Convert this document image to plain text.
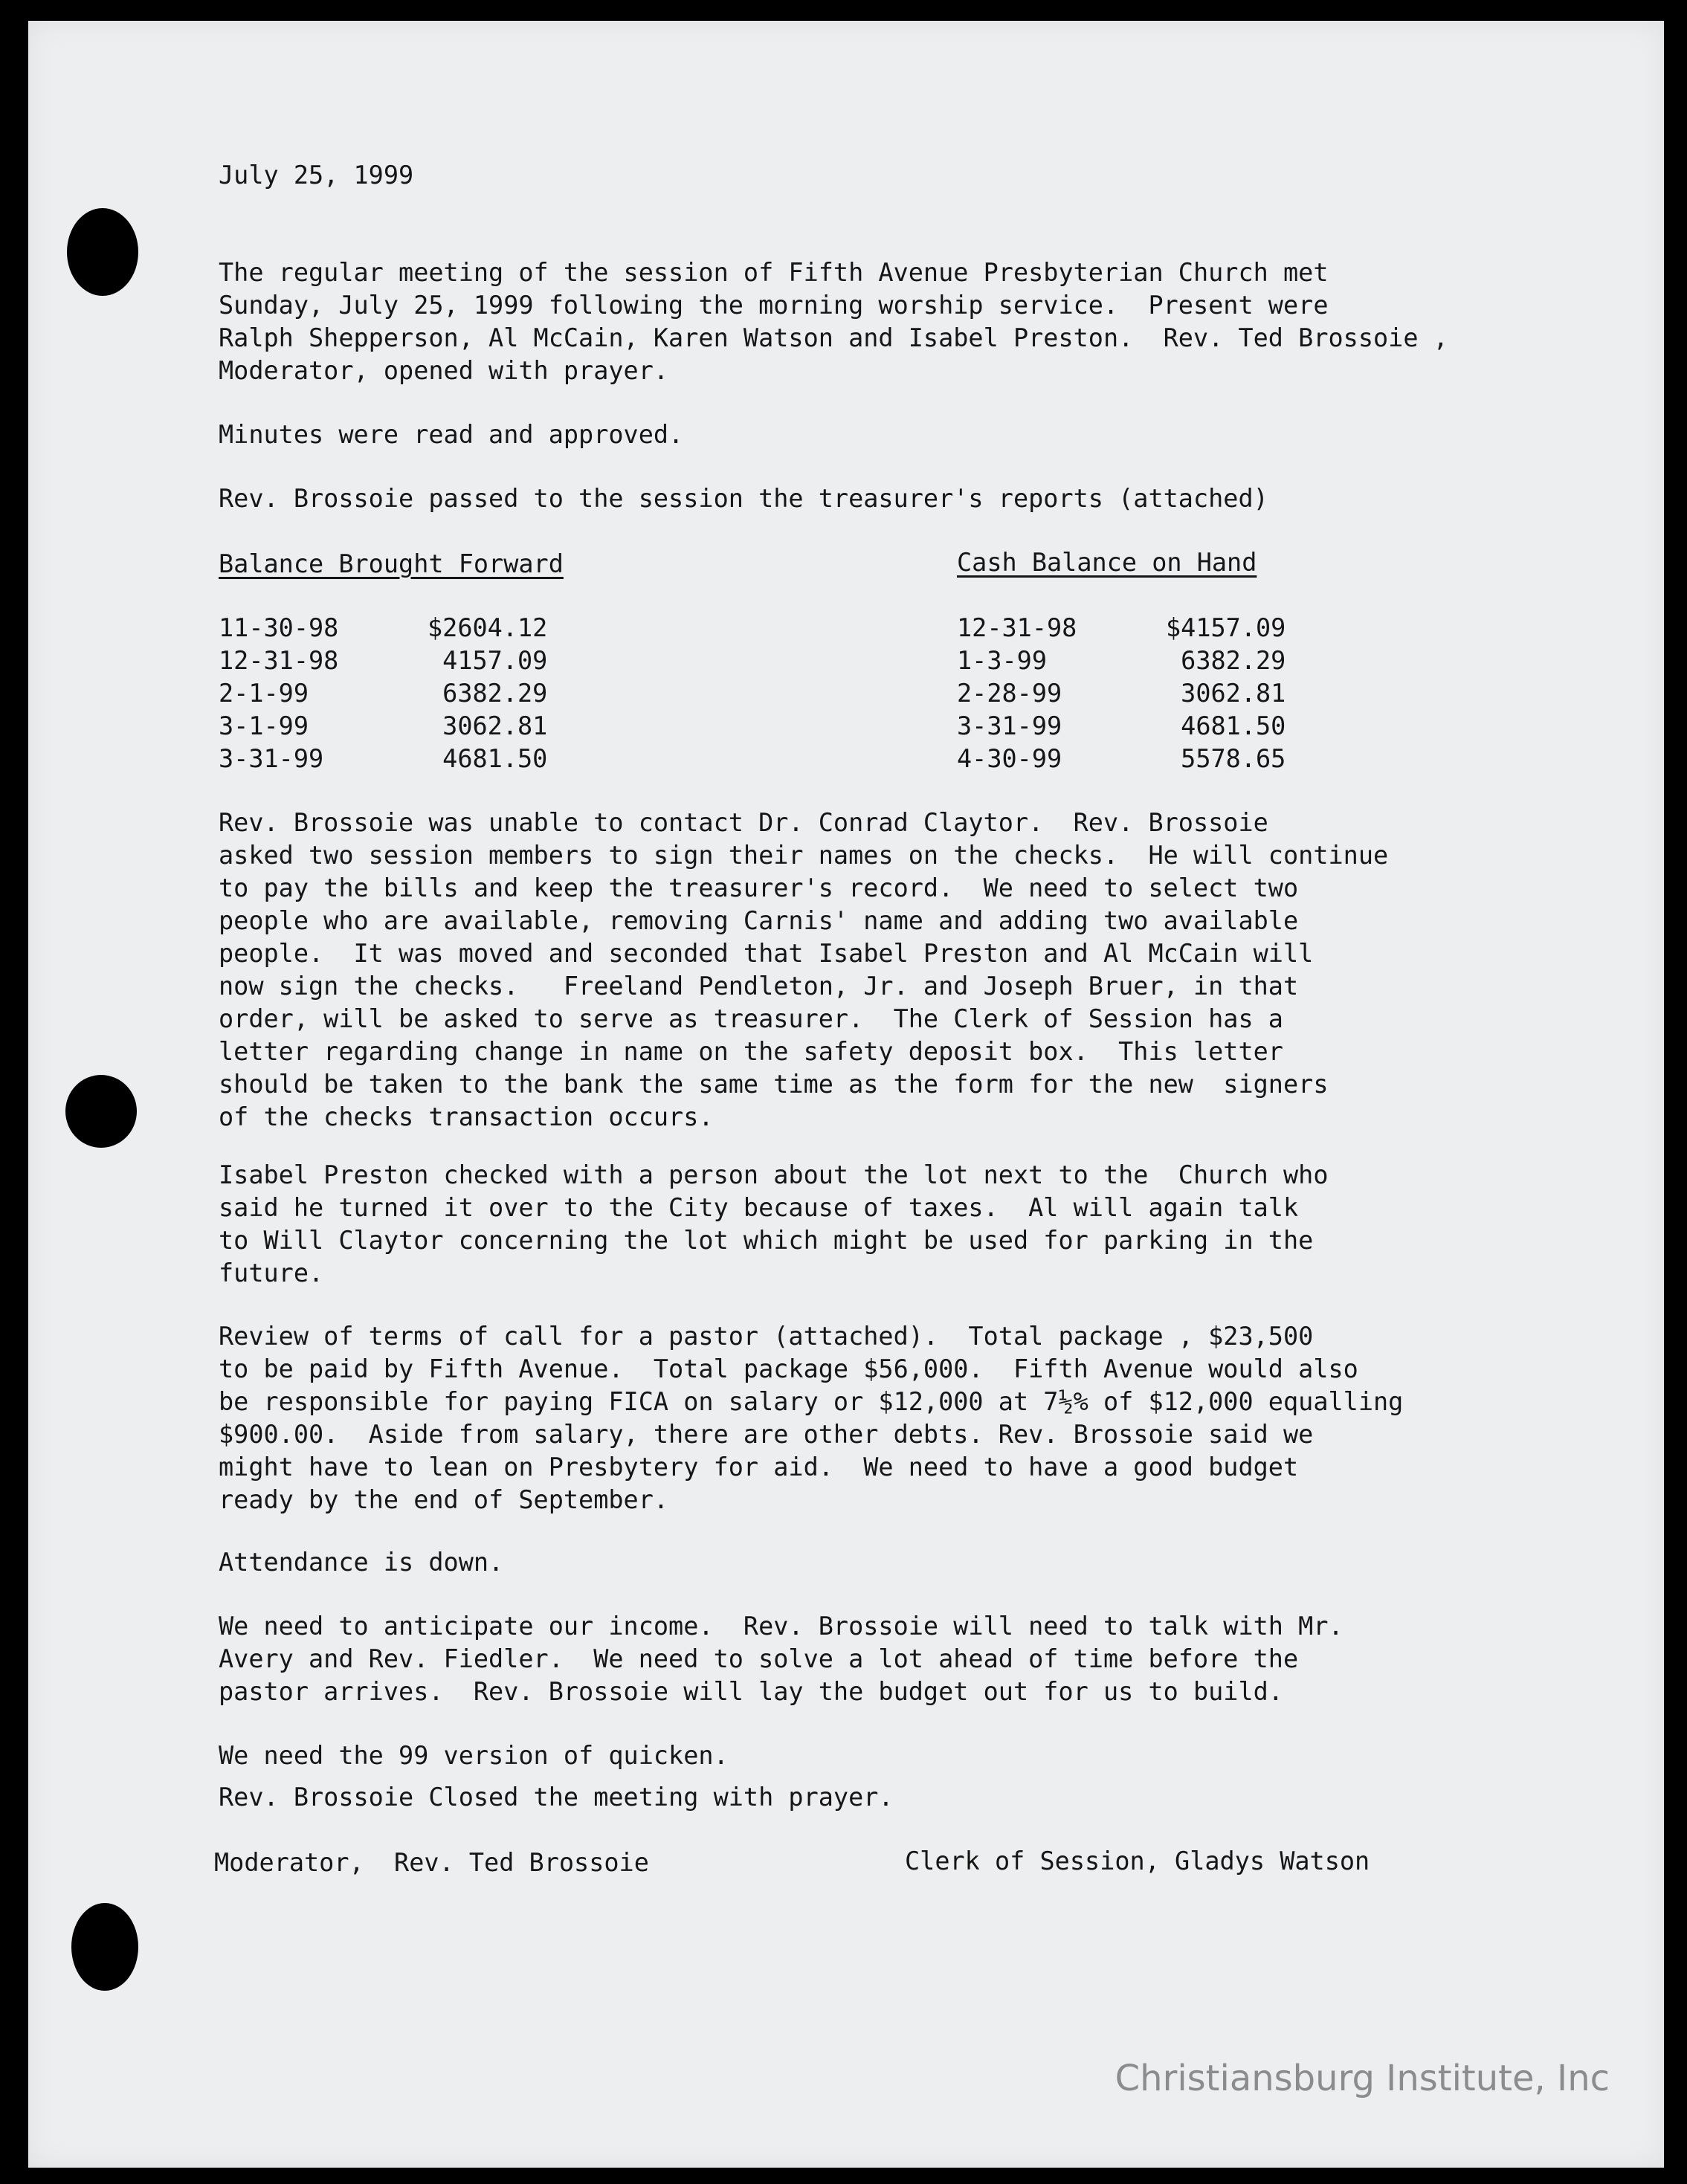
July 25, 1999
The regular meeting of the session of Fifth Avenue Presbyterian Church met
Sunday, July 25, 1999 following the morning worship service.  Present were
Ralph Shepperson, Al McCain, Karen Watson and Isabel Preston.  Rev. Ted Brossoie ,
Moderator, opened with prayer.
Minutes were read and approved.
Rev. Brossoie passed to the session the treasurer's reports (attached)
Balance Brought Forward
11-30-98	$2604.12
12-31-98	4157.09
2-1-99	6382.29
3-1-99	3062.81
3-31-99	4681.50
Cash Balance on Hand
12-31-98	$4157.09
1-3-99	6382.29
2-28-99	3062.81
3-31-99	4681.50
4-30-99	5578.65
Rev. Brossoie was unable to contact Dr. Conrad Claytor.  Rev. Brossoie
asked two session members to sign their names on the checks.  He will continue
to pay the bills and keep the treasurer's record.  We need to select two
people who are available, removing Carnis' name and adding two available
people.  It was moved and seconded that Isabel Preston and Al McCain will
now sign the checks.   Freeland Pendleton, Jr. and Joseph Bruer, in that
order, will be asked to serve as treasurer.  The Clerk of Session has a
letter regarding change in name on the safety deposit box.  This letter
should be taken to the bank the same time as the form for the new  signers
of the checks transaction occurs.
Isabel Preston checked with a person about the lot next to the  Church who
said he turned it over to the City because of taxes.  Al will again talk
to Will Claytor concerning the lot which might be used for parking in the
future.
Review of terms of call for a pastor (attached).  Total package , $23,500
to be paid by Fifth Avenue.  Total package $56,000.  Fifth Avenue would also
be responsible for paying FICA on salary or $12,000 at 7½% of $12,000 equalling
$900.00.  Aside from salary, there are other debts. Rev. Brossoie said we
might have to lean on Presbytery for aid.  We need to have a good budget
ready by the end of September.
Attendance is down.
We need to anticipate our income.  Rev. Brossoie will need to talk with Mr.
Avery and Rev. Fiedler.  We need to solve a lot ahead of time before the
pastor arrives.  Rev. Brossoie will lay the budget out for us to build.
We need the 99 version of quicken.
Rev. Brossoie Closed the meeting with prayer.
Moderator,  Rev. Ted Brossoie	Clerk of Session, Gladys Watson
Christiansburg Institute, Inc
